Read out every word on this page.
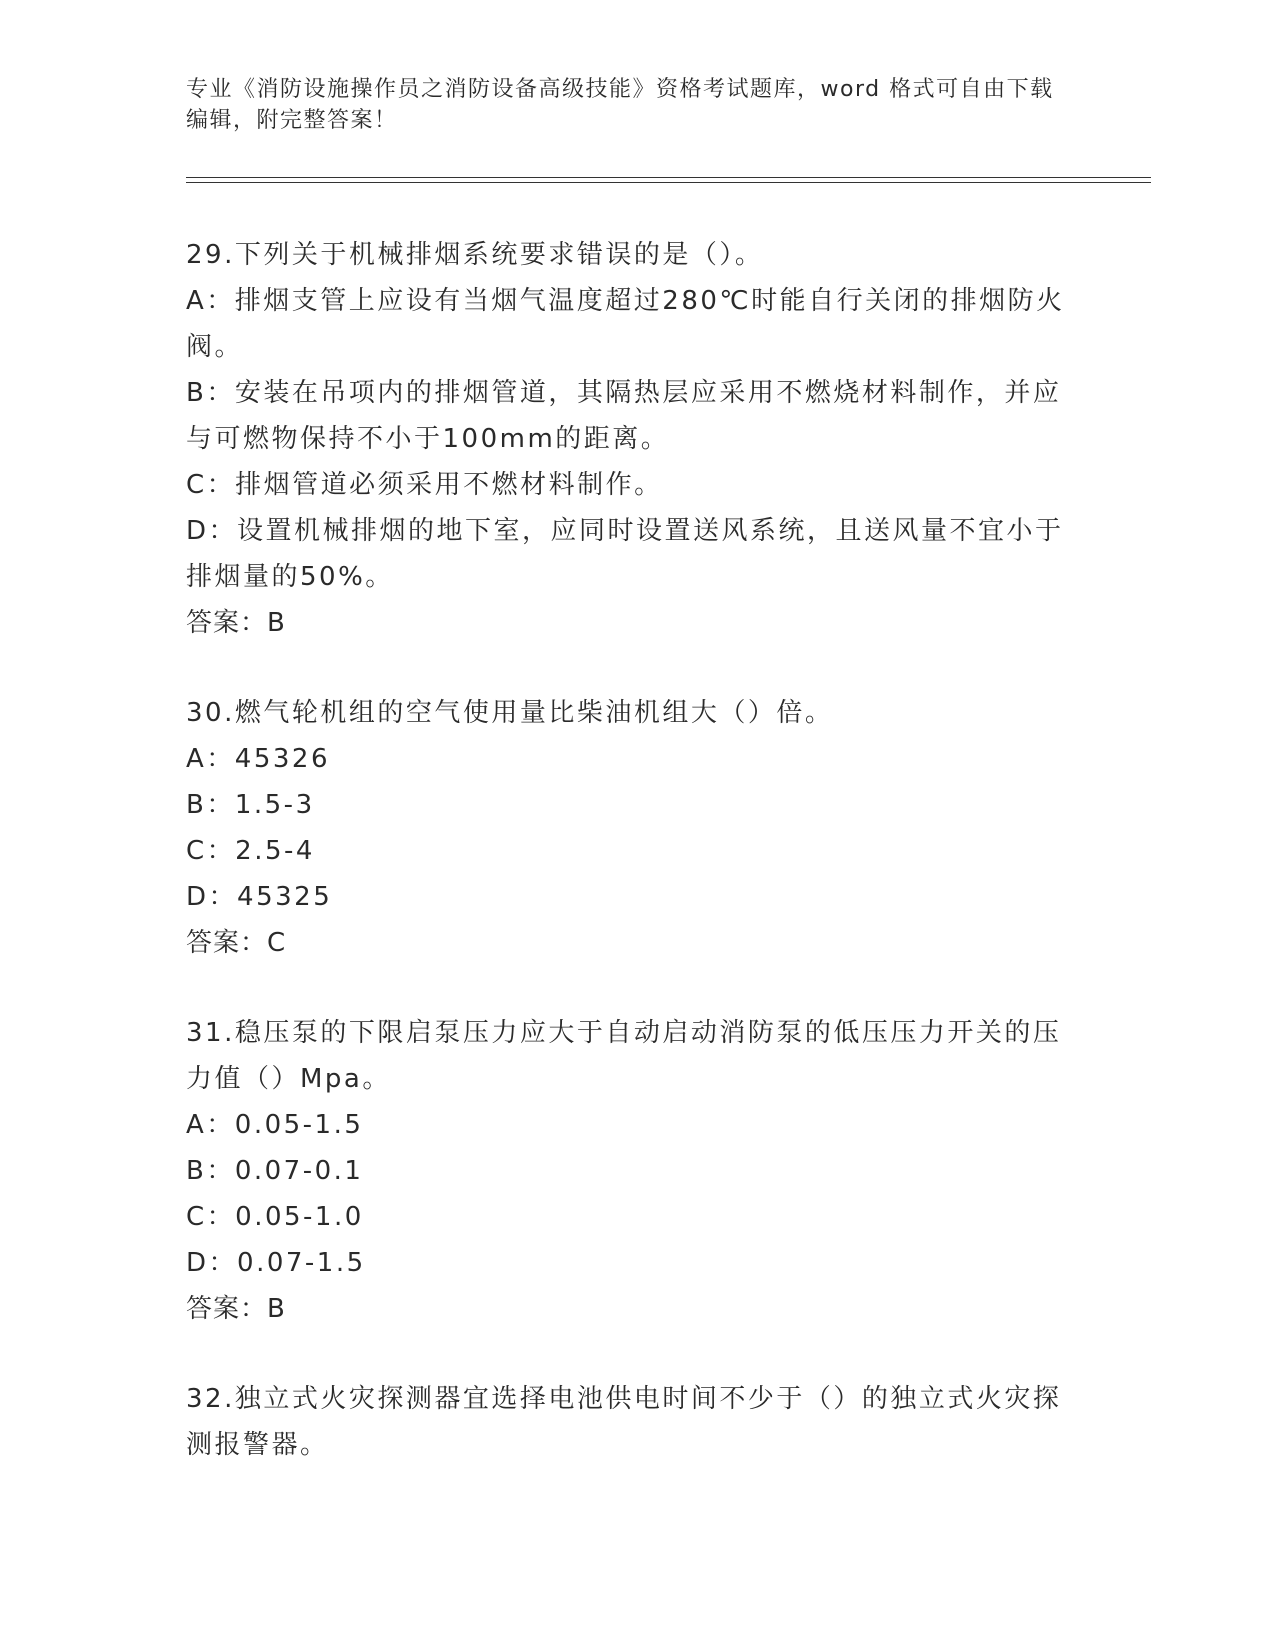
专业《消防设施操作员之消防设备高级技能》资格考试题库，word 格式可自由下载编辑，附完整答案！
29.下列关于机械排烟系统要求错误的是（）。
A：排烟支管上应设有当烟气温度超过280℃时能自行关闭的排烟防火阀。
B：安装在吊项内的排烟管道，其隔热层应采用不燃烧材料制作，并应与可燃物保持不小于100mm的距离。
C：排烟管道必须采用不燃材料制作。
D：设置机械排烟的地下室，应同时设置送风系统，且送风量不宜小于排烟量的50%。
答案：B
30.燃气轮机组的空气使用量比柴油机组大（）倍。
A：45326
B：1.5-3
C：2.5-4
D：45325
答案：C
31.稳压泵的下限启泵压力应大于自动启动消防泵的低压压力开关的压力值（）Mpa。
A：0.05-1.5
B：0.07-0.1
C：0.05-1.0
D：0.07-1.5
答案：B
32.独立式火灾探测器宜选择电池供电时间不少于（）的独立式火灾探测报警器。
